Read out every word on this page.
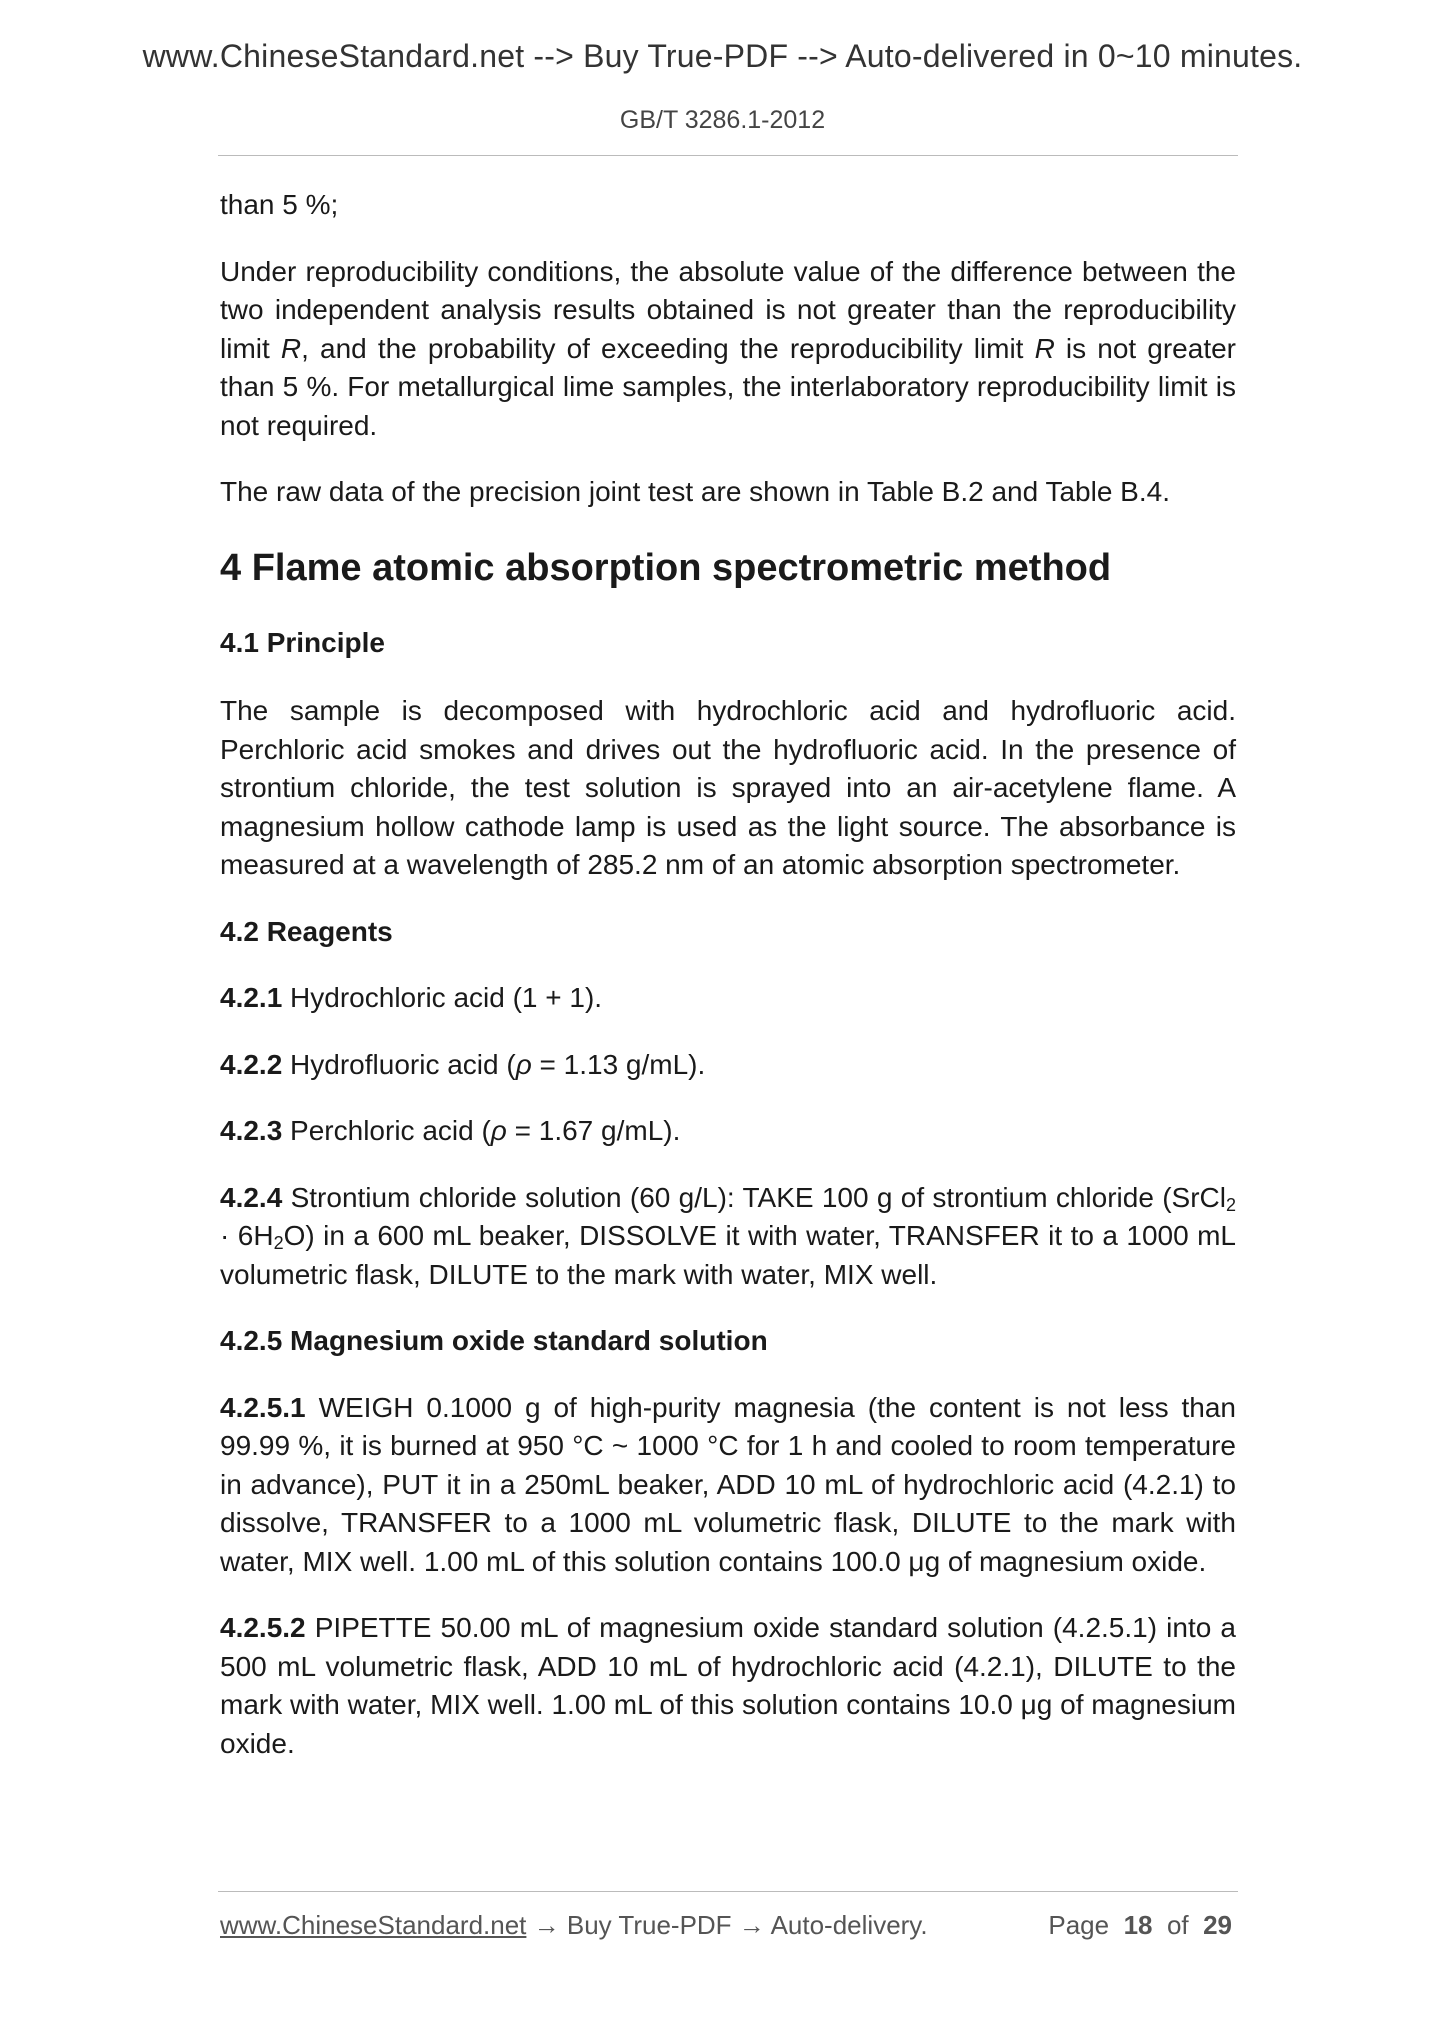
www.ChineseStandard.net --> Buy True-PDF --> Auto-delivered in 0~10 minutes.
GB/T 3286.1-2012

than 5 %;

Under reproducibility conditions, the absolute value of the difference between the two independent analysis results obtained is not greater than the reproducibility limit R, and the probability of exceeding the reproducibility limit R is not greater than 5 %. For metallurgical lime samples, the interlaboratory reproducibility limit is not required.

The raw data of the precision joint test are shown in Table B.2 and Table B.4.

4 Flame atomic absorption spectrometric method

4.1 Principle

The sample is decomposed with hydrochloric acid and hydrofluoric acid. Perchloric acid smokes and drives out the hydrofluoric acid. In the presence of strontium chloride, the test solution is sprayed into an air-acetylene flame. A magnesium hollow cathode lamp is used as the light source. The absorbance is measured at a wavelength of 285.2 nm of an atomic absorption spectrometer.

4.2 Reagents

4.2.1 Hydrochloric acid (1 + 1).

4.2.2 Hydrofluoric acid (ρ = 1.13 g/mL).

4.2.3 Perchloric acid (ρ = 1.67 g/mL).

4.2.4 Strontium chloride solution (60 g/L): TAKE 100 g of strontium chloride (SrCl$_2$ · $6H_2O$) in a 600 mL beaker, DISSOLVE it with water, TRANSFER it to a 1000 mL volumetric flask, DILUTE to the mark with water, MIX well.

4.2.5 Magnesium oxide standard solution

4.2.5.1 WEIGH 0.1000 g of high-purity magnesia (the content is not less than 99.99 %, it is burned at 950 °C ~ 1000 °C for 1 h and cooled to room temperature in advance), PUT it in a 250mL beaker, ADD 10 mL of hydrochloric acid (4.2.1) to dissolve, TRANSFER to a 1000 mL volumetric flask, DILUTE to the mark with water, MIX well. 1.00 mL of this solution contains 100.0 μg of magnesium oxide.

4.2.5.2 PIPETTE 50.00 mL of magnesium oxide standard solution (4.2.5.1) into a 500 mL volumetric flask, ADD 10 mL of hydrochloric acid (4.2.1), DILUTE to the mark with water, MIX well. 1.00 mL of this solution contains 10.0 μg of magnesium oxide.

www.ChineseStandard.net → Buy True-PDF → Auto-delivery.	Page 18 of 29
